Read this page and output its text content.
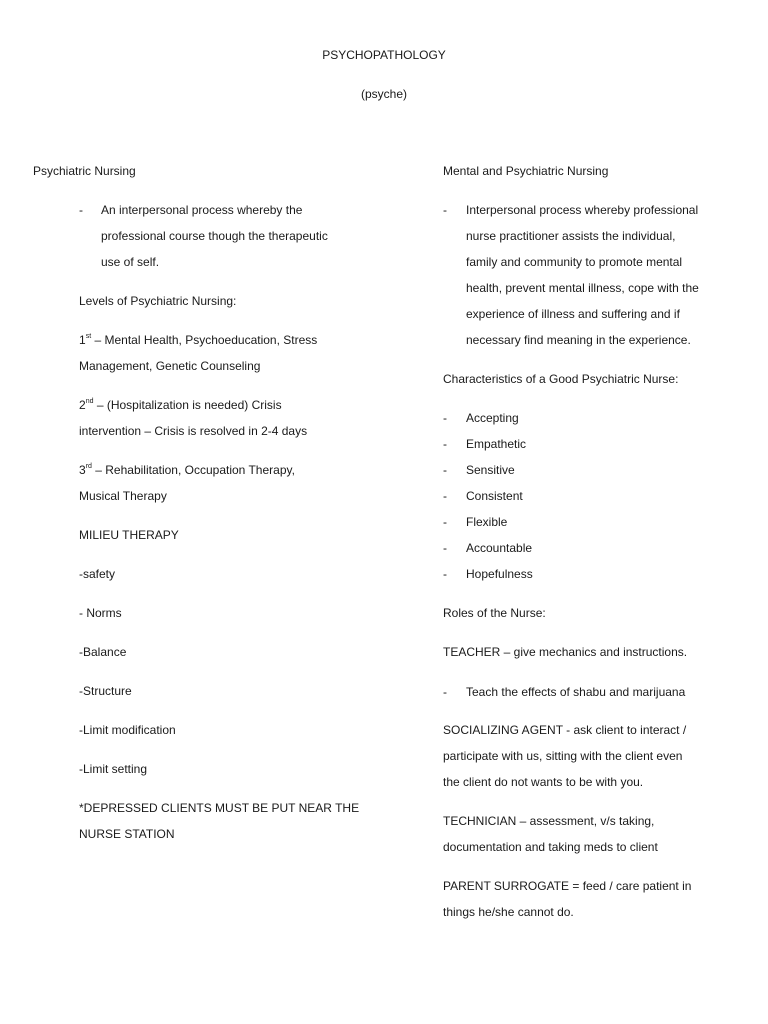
PSYCHOPATHOLOGY
(psyche)
Psychiatric Nursing
- An interpersonal process whereby the
professional course though the therapeutic
use of self.
Levels of Psychiatric Nursing:
1st – Mental Health, Psychoeducation, Stress
Management, Genetic Counseling
2nd – (Hospitalization is needed) Crisis
intervention – Crisis is resolved in 2-4 days
3rd – Rehabilitation, Occupation Therapy,
Musical Therapy
MILIEU THERAPY
-safety
- Norms
-Balance
-Structure
-Limit modification
-Limit setting
*DEPRESSED CLIENTS MUST BE PUT NEAR THE
NURSE STATION
Mental and Psychiatric Nursing
- Interpersonal process whereby professional
nurse practitioner assists the individual,
family and community to promote mental
health, prevent mental illness, cope with the
experience of illness and suffering and if
necessary find meaning in the experience.
Characteristics of a Good Psychiatric Nurse:
- Accepting
- Empathetic
- Sensitive
- Consistent
- Flexible
- Accountable
- Hopefulness
Roles of the Nurse:
TEACHER – give mechanics and instructions.
- Teach the effects of shabu and marijuana
SOCIALIZING AGENT - ask client to interact /
participate with us, sitting with the client even
the client do not wants to be with you.
TECHNICIAN – assessment, v/s taking,
documentation and taking meds to client
PARENT SURROGATE = feed / care patient in
things he/she cannot do.
